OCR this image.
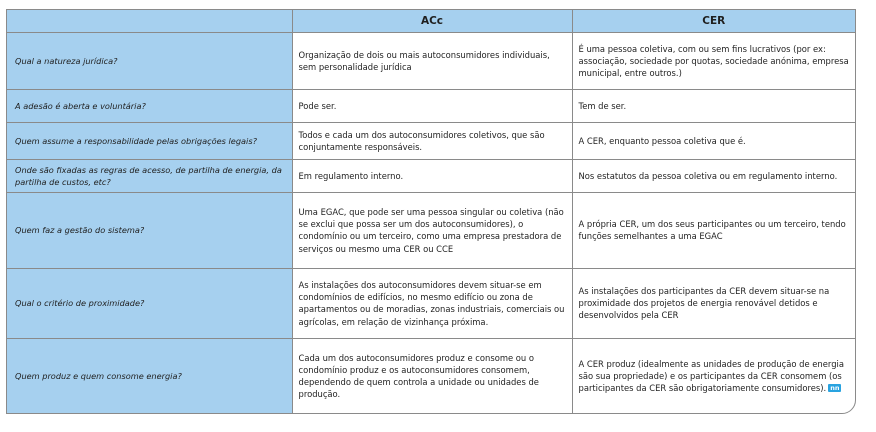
	ACc	CER
Qual a natureza jurídica?	Organização de dois ou mais autoconsumidores individuais, sem personalidade jurídica	É uma pessoa coletiva, com ou sem fins lucrativos (por ex: associação, sociedade por quotas, sociedade anónima, empresa municipal, entre outros.)
A adesão é aberta e voluntária?	Pode ser.	Tem de ser.
Quem assume a responsabilidade pelas obrigações legais?	Todos e cada um dos autoconsumidores coletivos, que são conjuntamente responsáveis.	A CER, enquanto pessoa coletiva que é.
Onde são fixadas as regras de acesso, de partilha de energia, da partilha de custos, etc?	Em regulamento interno.	Nos estatutos da pessoa coletiva ou em regulamento interno.
Quem faz a gestão do sistema?	Uma EGAC, que pode ser uma pessoa singular ou coletiva (não se exclui que possa ser um dos autoconsumidores), o condomínio ou um terceiro, como uma empresa prestadora de serviços ou mesmo uma CER ou CCE	A própria CER, um dos seus participantes ou um terceiro, tendo funções semelhantes a uma EGAC
Qual o critério de proximidade?	As instalações dos autoconsumidores devem situar-se em condomínios de edifícios, no mesmo edifício ou zona de apartamentos ou de moradias, zonas industriais, comerciais ou agrícolas, em relação de vizinhança próxima.	As instalações dos participantes da CER devem situar-se na proximidade dos projetos de energia renovável detidos e desenvolvidos pela CER
Quem produz e quem consome energia?	Cada um dos autoconsumidores produz e consome ou o condomínio produz e os autoconsumidores consomem, dependendo de quem controla a unidade ou unidades de produção.	A CER produz (idealmente as unidades de produção de energia são sua propriedade) e os participantes da CER consomem (os participantes da CER são obrigatoriamente consumidores). nn
